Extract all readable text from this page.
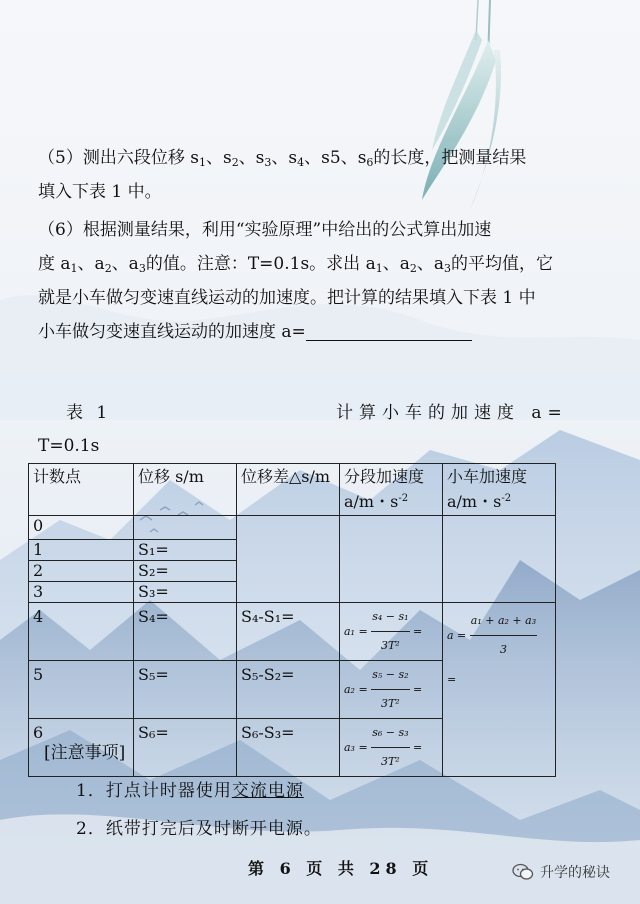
（5）测出六段位移 $s_1$、$s_2$、$s_3$、$s_4$、s5、$s_6$的长度，把测量结果
填入下表 1 中。

（6）根据测量结果，利用“实验原理”中给出的公式算出加速
度 $a_1$、$a_2$、$a_3$的值。注意：T=0.1s。求出 $a_1$、$a_2$、$a_3$的平均值，它
就是小车做匀变速直线运动的加速度。把计算的结果填入下表 1 中
小车做匀变速直线运动的加速度 a=

表 1	计算小车的加速度 a=
T=0.1s
计数点	位移 s/m	位移差△s/m	分段加速度 a/m・$s^{-2}$	小车加速度a/m・$s^{-2}$
0				
1	S₁=			
2	S₂=			
3	S₃=			
4	S₄=	S₄-S₁=	$a_1 = \frac{\text{s₄ − s₁}}{\text{3T²}}$ =	$a = \frac{\text{a₁ + a₂ + a₃}}{3}$

=
5	S₅=	S₅-S₂=	$a_2 = \frac{\text{s₅ − s₂}}{\text{3T²}}$ =	
6	S₆=	S₆-S₃=	$a_3 = \frac{\text{s₆ − s₃}}{\text{3T²}}$ =	
[注意事项]
1．打点计时器使用交流电源
2．纸带打完后及时断开电源。
第 6 页 共 28 页	升学的秘诀
